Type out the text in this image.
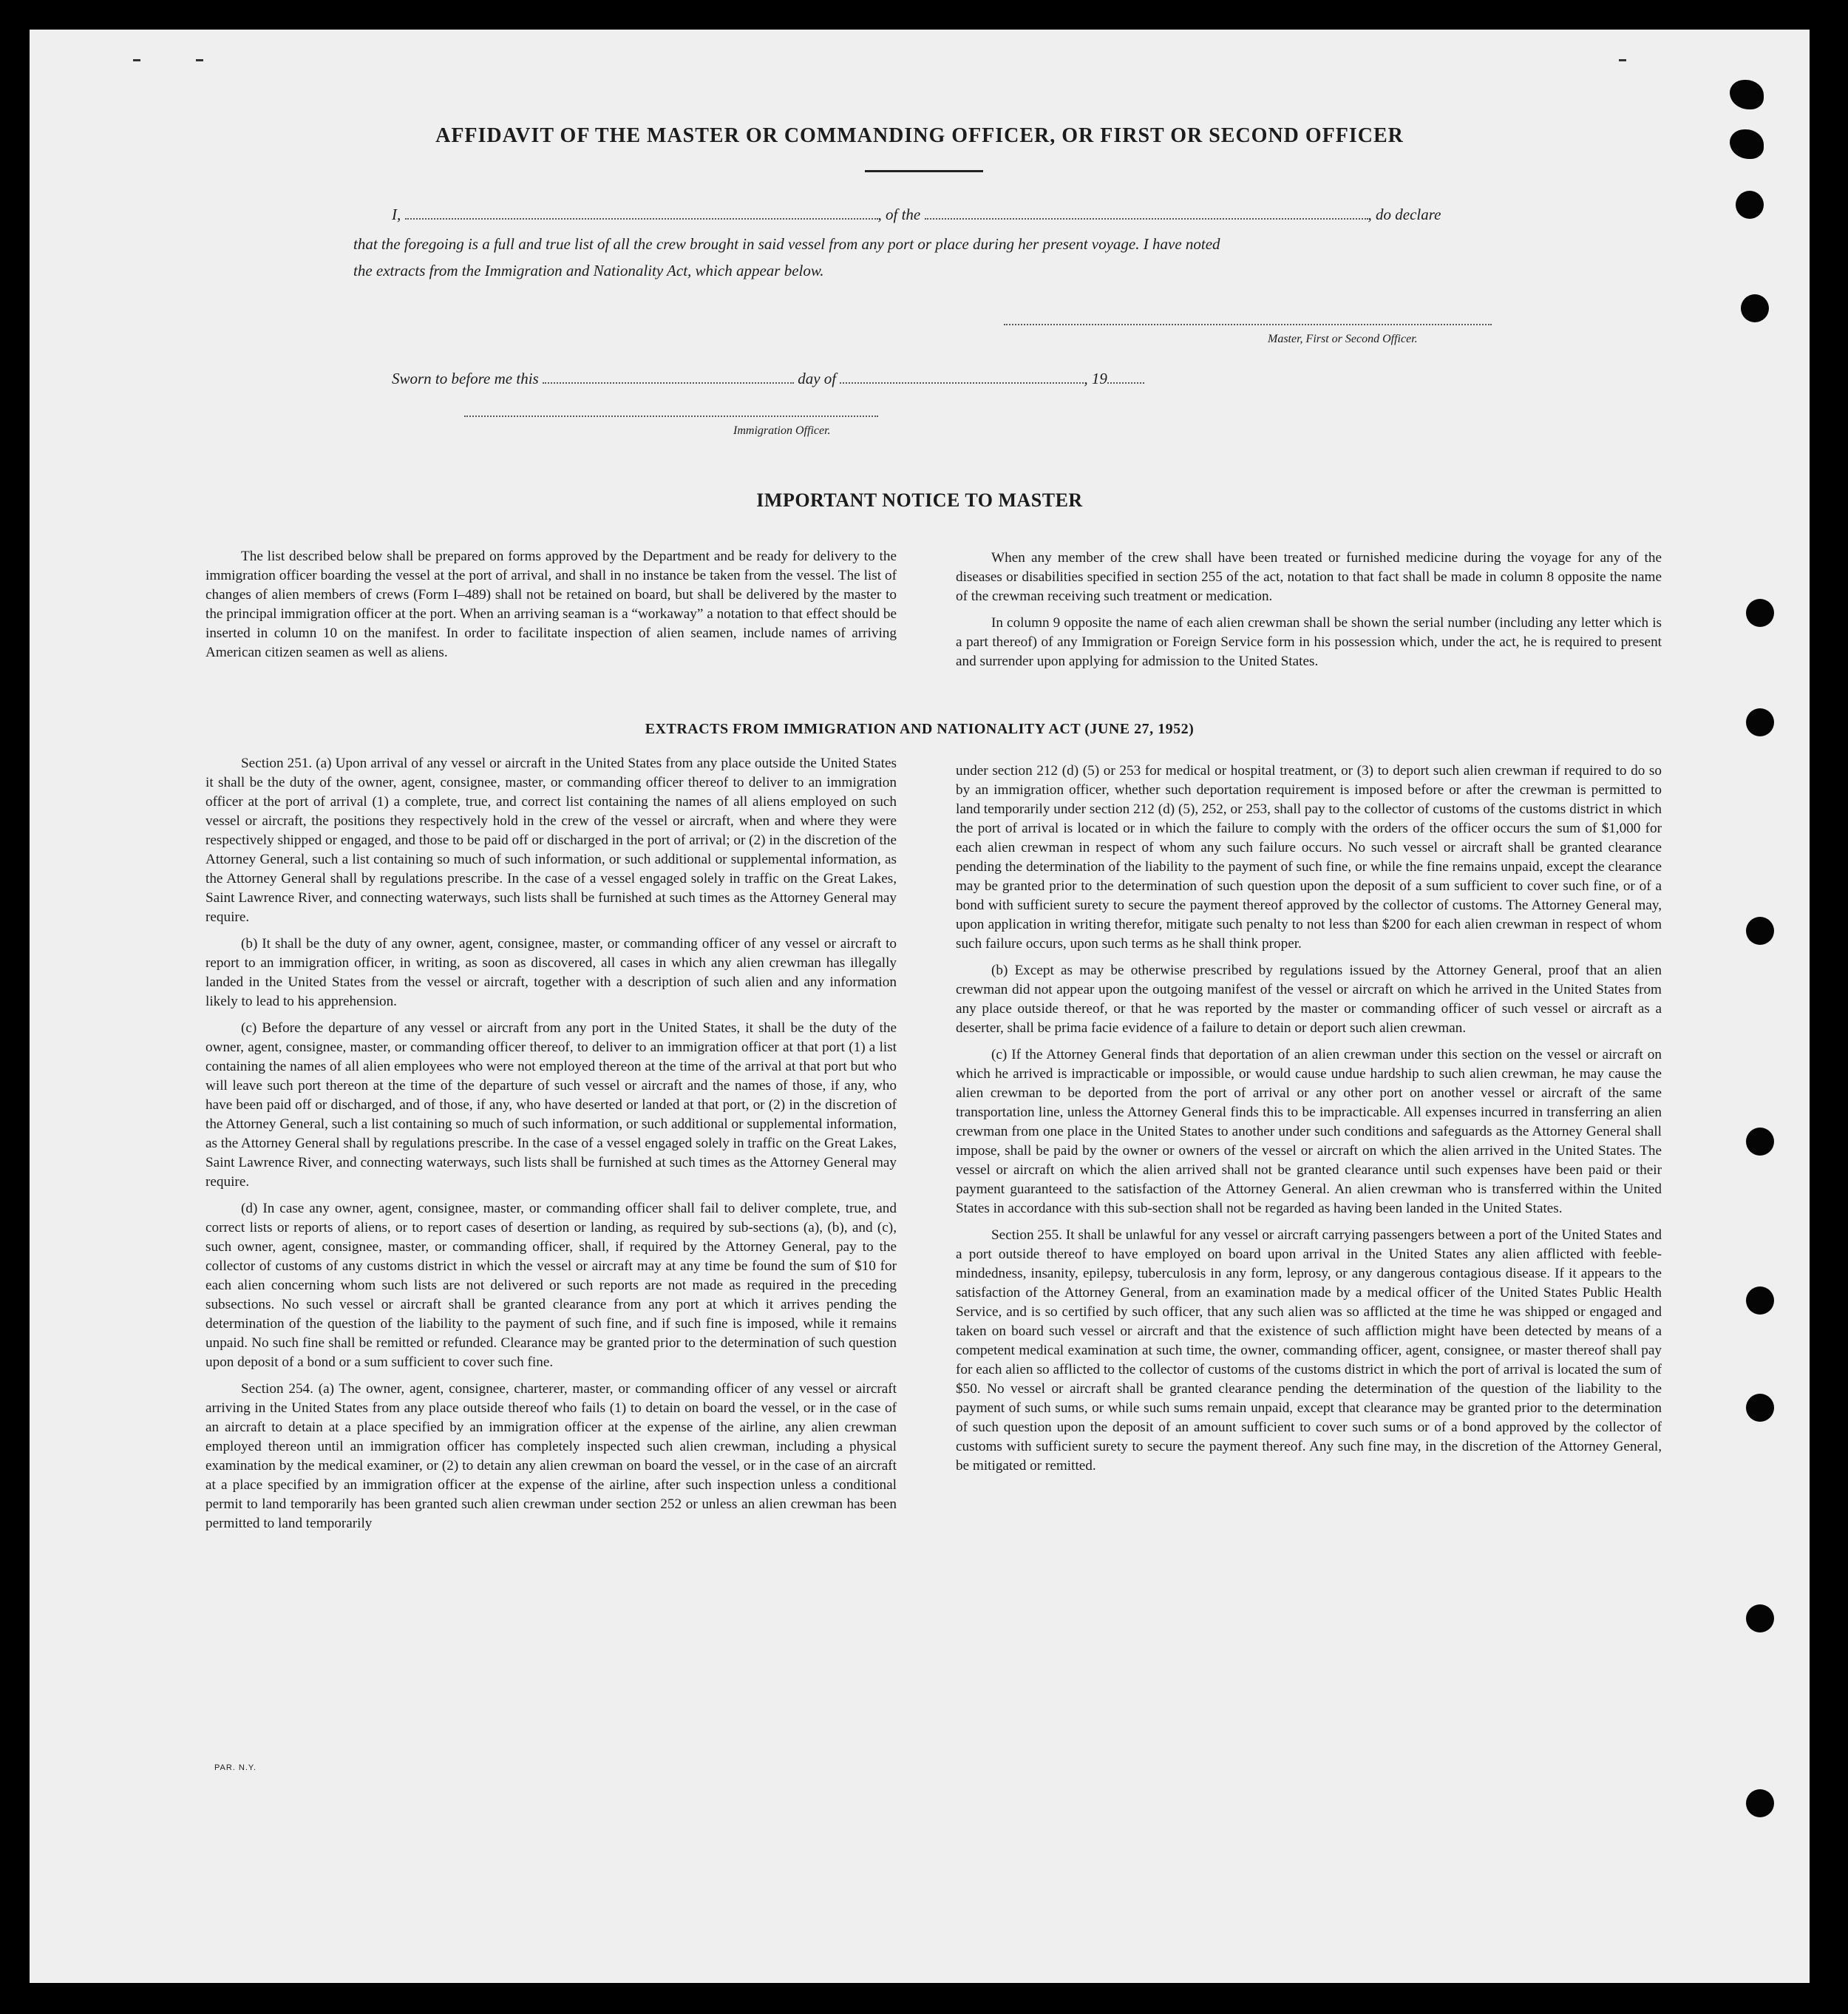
AFFIDAVIT OF THE MASTER OR COMMANDING OFFICER, OR FIRST OR SECOND OFFICER
I,	, of the	, do declare
that the foregoing is a full and true list of all the crew brought in said vessel from any port or place during her present voyage. I have noted
the extracts from the Immigration and Nationality Act, which appear below.
Master, First or Second Officer.
Sworn to before me this	day of	, 19
Immigration Officer.
IMPORTANT NOTICE TO MASTER

The list described below shall be prepared on forms approved by the Department and be ready for delivery to the immigration officer boarding the vessel at the port of arrival, and shall in no instance be taken from the vessel. The list of changes of alien members of crews (Form I–489) shall not be retained on board, but shall be delivered by the master to the principal immigration officer at the port. When an arriving seaman is a “workaway” a notation to that effect should be inserted in column 10 on the manifest. In order to facilitate inspection of alien seamen, include names of arriving American citizen seamen as well as aliens.

When any member of the crew shall have been treated or furnished medicine during the voyage for any of the diseases or disabilities specified in section 255 of the act, notation to that fact shall be made in column 8 opposite the name of the crewman receiving such treatment or medication.

In column 9 opposite the name of each alien crewman shall be shown the serial number (including any letter which is a part thereof) of any Immigration or Foreign Service form in his possession which, under the act, he is required to present and surrender upon applying for admission to the United States.

EXTRACTS FROM IMMIGRATION AND NATIONALITY ACT (JUNE 27, 1952)

Section 251. (a) Upon arrival of any vessel or aircraft in the United States from any place outside the United States it shall be the duty of the owner, agent, consignee, master, or commanding officer thereof to deliver to an immigration officer at the port of arrival (1) a complete, true, and correct list containing the names of all aliens employed on such vessel or aircraft, the positions they respectively hold in the crew of the vessel or aircraft, when and where they were respectively shipped or engaged, and those to be paid off or discharged in the port of arrival; or (2) in the discretion of the Attorney General, such a list containing so much of such information, or such additional or supplemental information, as the Attorney General shall by regulations prescribe. In the case of a vessel engaged solely in traffic on the Great Lakes, Saint Lawrence River, and connecting waterways, such lists shall be furnished at such times as the Attorney General may require.

(b) It shall be the duty of any owner, agent, consignee, master, or commanding officer of any vessel or aircraft to report to an immigration officer, in writing, as soon as discovered, all cases in which any alien crewman has illegally landed in the United States from the vessel or aircraft, together with a description of such alien and any information likely to lead to his apprehension.

(c) Before the departure of any vessel or aircraft from any port in the United States, it shall be the duty of the owner, agent, consignee, master, or commanding officer thereof, to deliver to an immigration officer at that port (1) a list containing the names of all alien employees who were not employed thereon at the time of the arrival at that port but who will leave such port thereon at the time of the departure of such vessel or aircraft and the names of those, if any, who have been paid off or discharged, and of those, if any, who have deserted or landed at that port, or (2) in the discretion of the Attorney General, such a list containing so much of such information, or such additional or supplemental information, as the Attorney General shall by regulations prescribe. In the case of a vessel engaged solely in traffic on the Great Lakes, Saint Lawrence River, and connecting waterways, such lists shall be furnished at such times as the Attorney General may require.

(d) In case any owner, agent, consignee, master, or commanding officer shall fail to deliver complete, true, and correct lists or reports of aliens, or to report cases of desertion or landing, as required by sub-sections (a), (b), and (c), such owner, agent, consignee, master, or commanding officer, shall, if required by the Attorney General, pay to the collector of customs of any customs district in which the vessel or aircraft may at any time be found the sum of $10 for each alien concerning whom such lists are not delivered or such reports are not made as required in the preceding subsections. No such vessel or aircraft shall be granted clearance from any port at which it arrives pending the determination of the question of the liability to the payment of such fine, and if such fine is imposed, while it remains unpaid. No such fine shall be remitted or refunded. Clearance may be granted prior to the determination of such question upon deposit of a bond or a sum sufficient to cover such fine.

Section 254. (a) The owner, agent, consignee, charterer, master, or commanding officer of any vessel or aircraft arriving in the United States from any place outside thereof who fails (1) to detain on board the vessel, or in the case of an aircraft to detain at a place specified by an immigration officer at the expense of the airline, any alien crewman employed thereon until an immigration officer has completely inspected such alien crewman, including a physical examination by the medical examiner, or (2) to detain any alien crewman on board the vessel, or in the case of an aircraft at a place specified by an immigration officer at the expense of the airline, after such inspection unless a conditional permit to land temporarily has been granted such alien crewman under section 252 or unless an alien crewman has been permitted to land temporarily

under section 212 (d) (5) or 253 for medical or hospital treatment, or (3) to deport such alien crewman if required to do so by an immigration officer, whether such deportation requirement is imposed before or after the crewman is permitted to land temporarily under section 212 (d) (5), 252, or 253, shall pay to the collector of customs of the customs district in which the port of arrival is located or in which the failure to comply with the orders of the officer occurs the sum of $1,000 for each alien crewman in respect of whom any such failure occurs. No such vessel or aircraft shall be granted clearance pending the determination of the liability to the payment of such fine, or while the fine remains unpaid, except the clearance may be granted prior to the determination of such question upon the deposit of a sum sufficient to cover such fine, or of a bond with sufficient surety to secure the payment thereof approved by the collector of customs. The Attorney General may, upon application in writing therefor, mitigate such penalty to not less than $200 for each alien crewman in respect of whom such failure occurs, upon such terms as he shall think proper.

(b) Except as may be otherwise prescribed by regulations issued by the Attorney General, proof that an alien crewman did not appear upon the outgoing manifest of the vessel or aircraft on which he arrived in the United States from any place outside thereof, or that he was reported by the master or commanding officer of such vessel or aircraft as a deserter, shall be prima facie evidence of a failure to detain or deport such alien crewman.

(c) If the Attorney General finds that deportation of an alien crewman under this section on the vessel or aircraft on which he arrived is impracticable or impossible, or would cause undue hardship to such alien crewman, he may cause the alien crewman to be deported from the port of arrival or any other port on another vessel or aircraft of the same transportation line, unless the Attorney General finds this to be impracticable. All expenses incurred in transferring an alien crewman from one place in the United States to another under such conditions and safeguards as the Attorney General shall impose, shall be paid by the owner or owners of the vessel or aircraft on which the alien arrived in the United States. The vessel or aircraft on which the alien arrived shall not be granted clearance until such expenses have been paid or their payment guaranteed to the satisfaction of the Attorney General. An alien crewman who is transferred within the United States in accordance with this sub-section shall not be regarded as having been landed in the United States.

Section 255. It shall be unlawful for any vessel or aircraft carrying passengers between a port of the United States and a port outside thereof to have employed on board upon arrival in the United States any alien afflicted with feeble-mindedness, insanity, epilepsy, tuberculosis in any form, leprosy, or any dangerous contagious disease. If it appears to the satisfaction of the Attorney General, from an examination made by a medical officer of the United States Public Health Service, and is so certified by such officer, that any such alien was so afflicted at the time he was shipped or engaged and taken on board such vessel or aircraft and that the existence of such affliction might have been detected by means of a competent medical examination at such time, the owner, commanding officer, agent, consignee, or master thereof shall pay for each alien so afflicted to the collector of customs of the customs district in which the port of arrival is located the sum of $50. No vessel or aircraft shall be granted clearance pending the determination of the question of the liability to the payment of such sums, or while such sums remain unpaid, except that clearance may be granted prior to the determination of such question upon the deposit of an amount sufficient to cover such sums or of a bond approved by the collector of customs with sufficient surety to secure the payment thereof. Any such fine may, in the discretion of the Attorney General, be mitigated or remitted.

PAR. N.Y.
